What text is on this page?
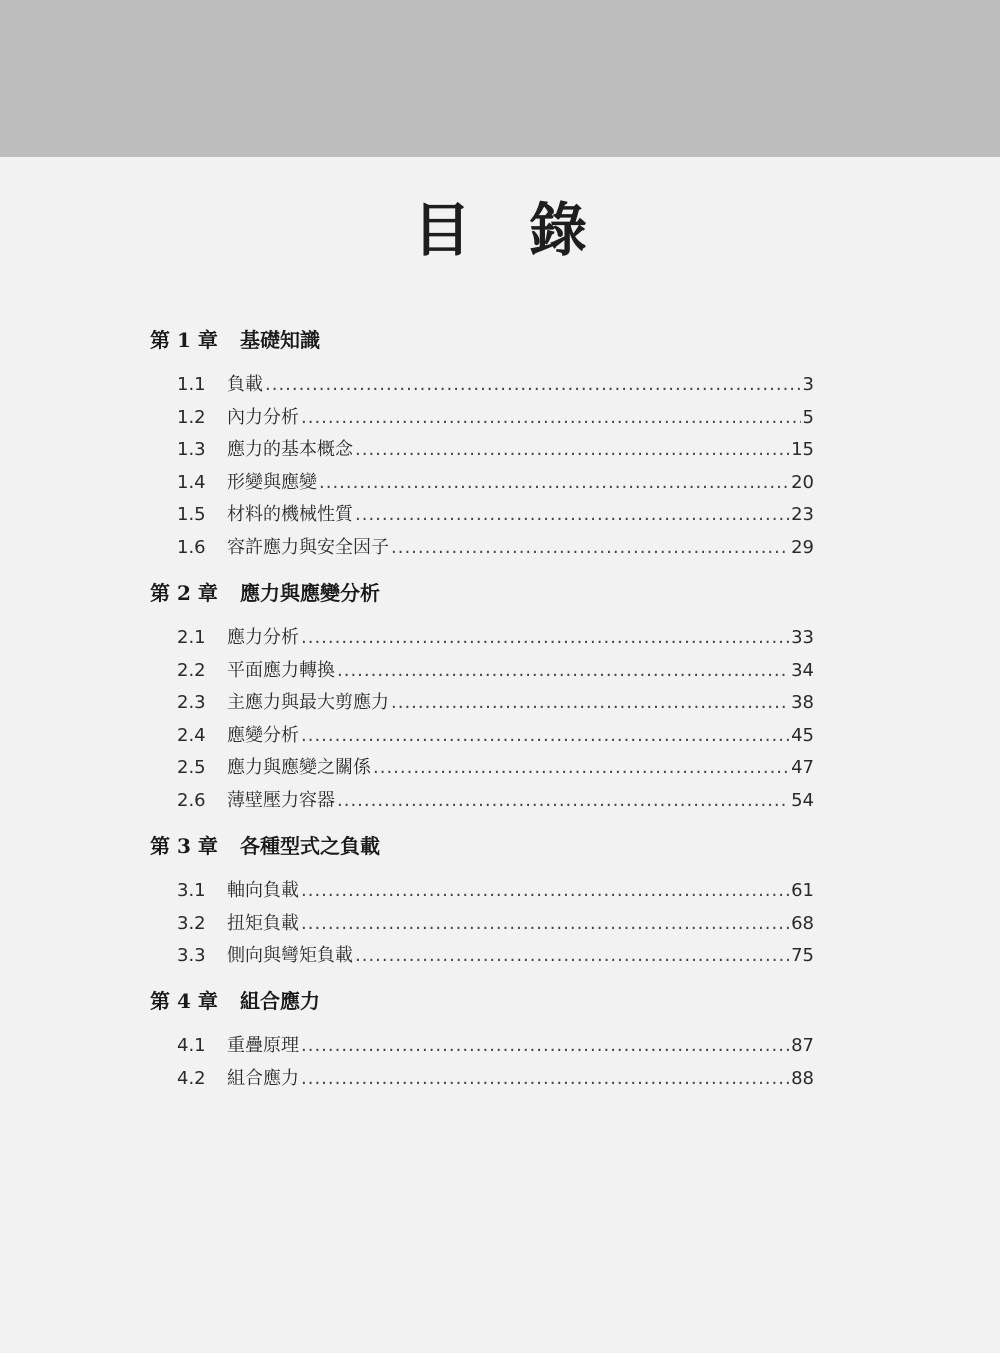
目錄
第 1 章 基礎知識
1.1	負載 .....	3
1.2	內力分析 .....	5
1.3	應力的基本概念 .....	15
1.4	形變與應變 .....	20
1.5	材料的機械性質 .....	23
1.6	容許應力與安全因子 .....	29
第 2 章 應力與應變分析
2.1	應力分析 .....	33
2.2	平面應力轉換 .....	34
2.3	主應力與最大剪應力 .....	38
2.4	應變分析 .....	45
2.5	應力與應變之關係 .....	47
2.6	薄壁壓力容器 .....	54
第 3 章 各種型式之負載
3.1	軸向負載 .....	61
3.2	扭矩負載 .....	68
3.3	側向與彎矩負載 .....	75
第 4 章 組合應力
4.1	重疊原理 .....	87
4.2	組合應力 .....	88
